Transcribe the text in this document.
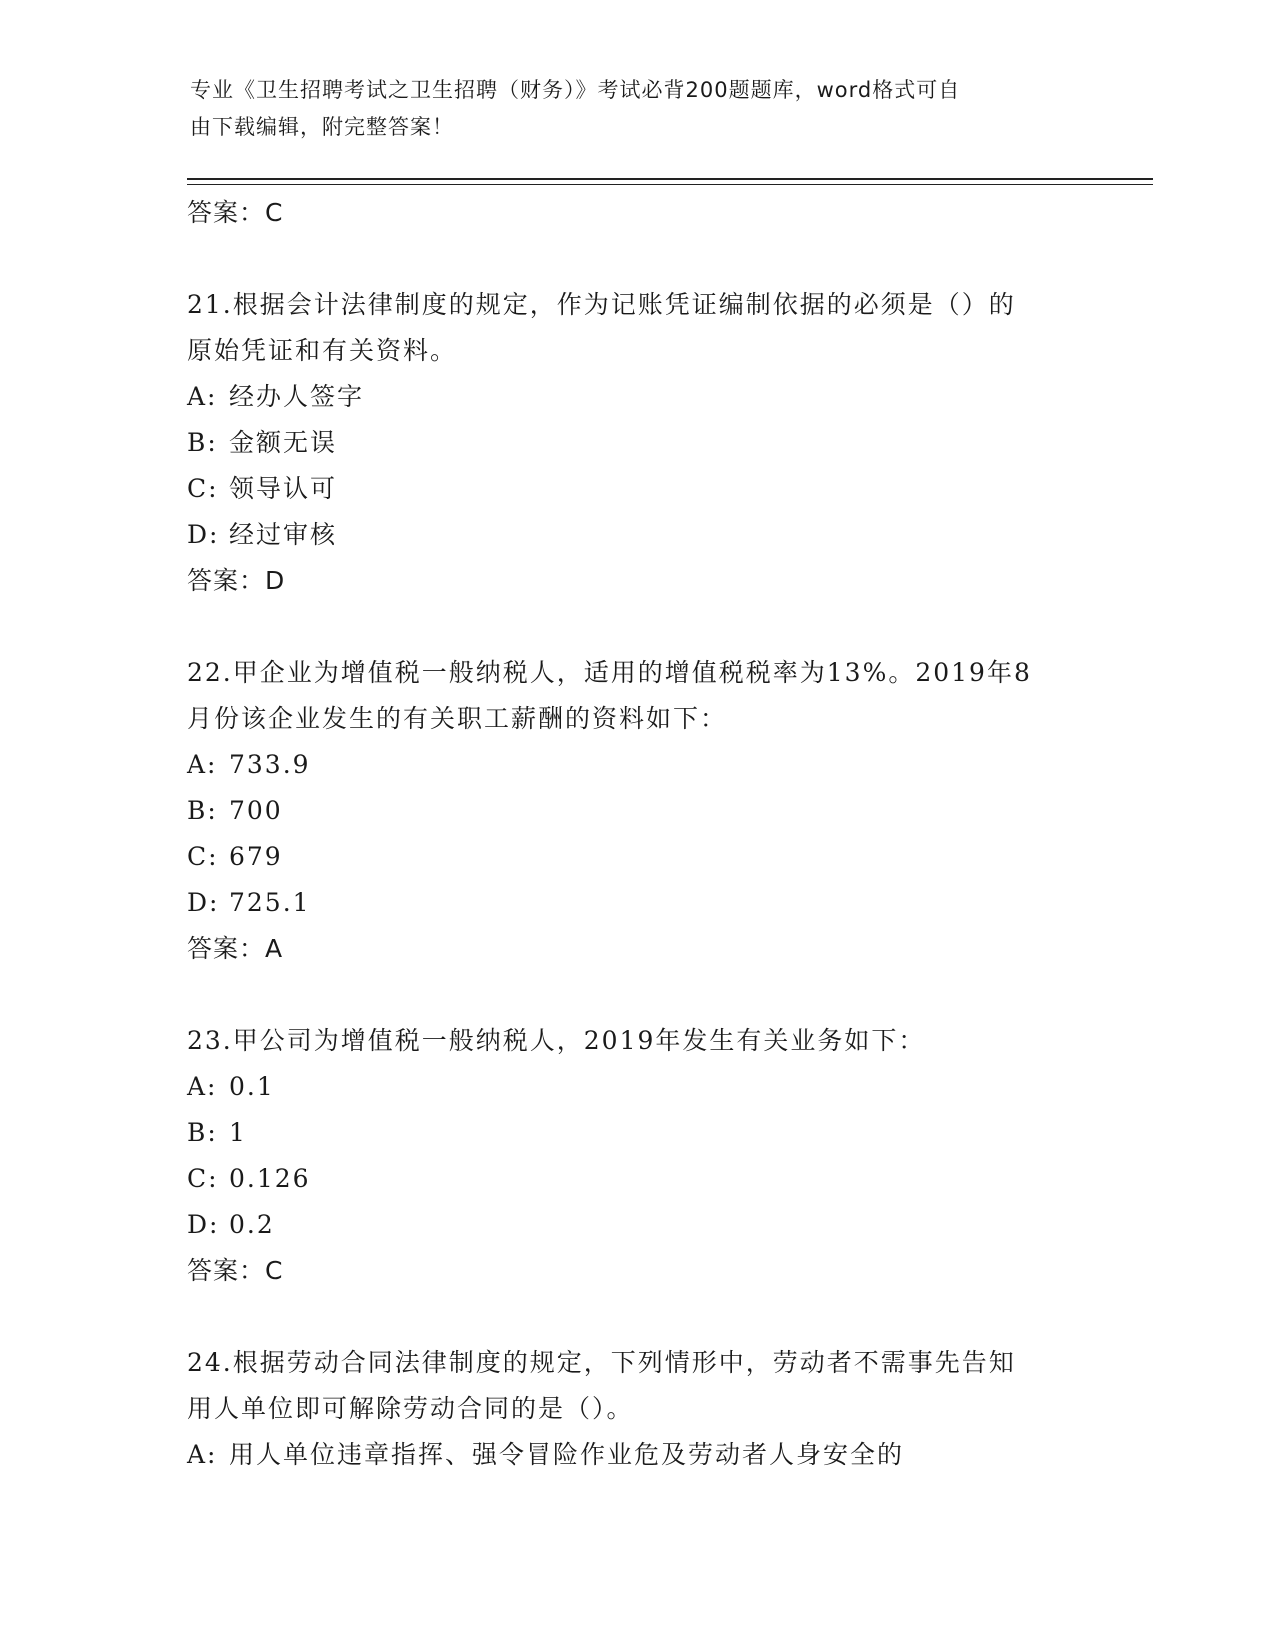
专业《卫生招聘考试之卫生招聘（财务）》考试必背200题题库，word格式可自
由下载编辑，附完整答案！
答案：C

21.根据会计法律制度的规定，作为记账凭证编制依据的必须是（）的

原始凭证和有关资料。

A: 经办人签字

B: 金额无误

C: 领导认可

D: 经过审核

答案：D

22.甲企业为增值税一般纳税人，适用的增值税税率为13%。2019年8

月份该企业发生的有关职工薪酬的资料如下：

A: 733.9

B: 700

C: 679

D: 725.1

答案：A

23.甲公司为增值税一般纳税人，2019年发生有关业务如下：

A: 0.1

B: 1

C: 0.126

D: 0.2

答案：C

24.根据劳动合同法律制度的规定，下列情形中，劳动者不需事先告知

用人单位即可解除劳动合同的是（）。

A: 用人单位违章指挥、强令冒险作业危及劳动者人身安全的
